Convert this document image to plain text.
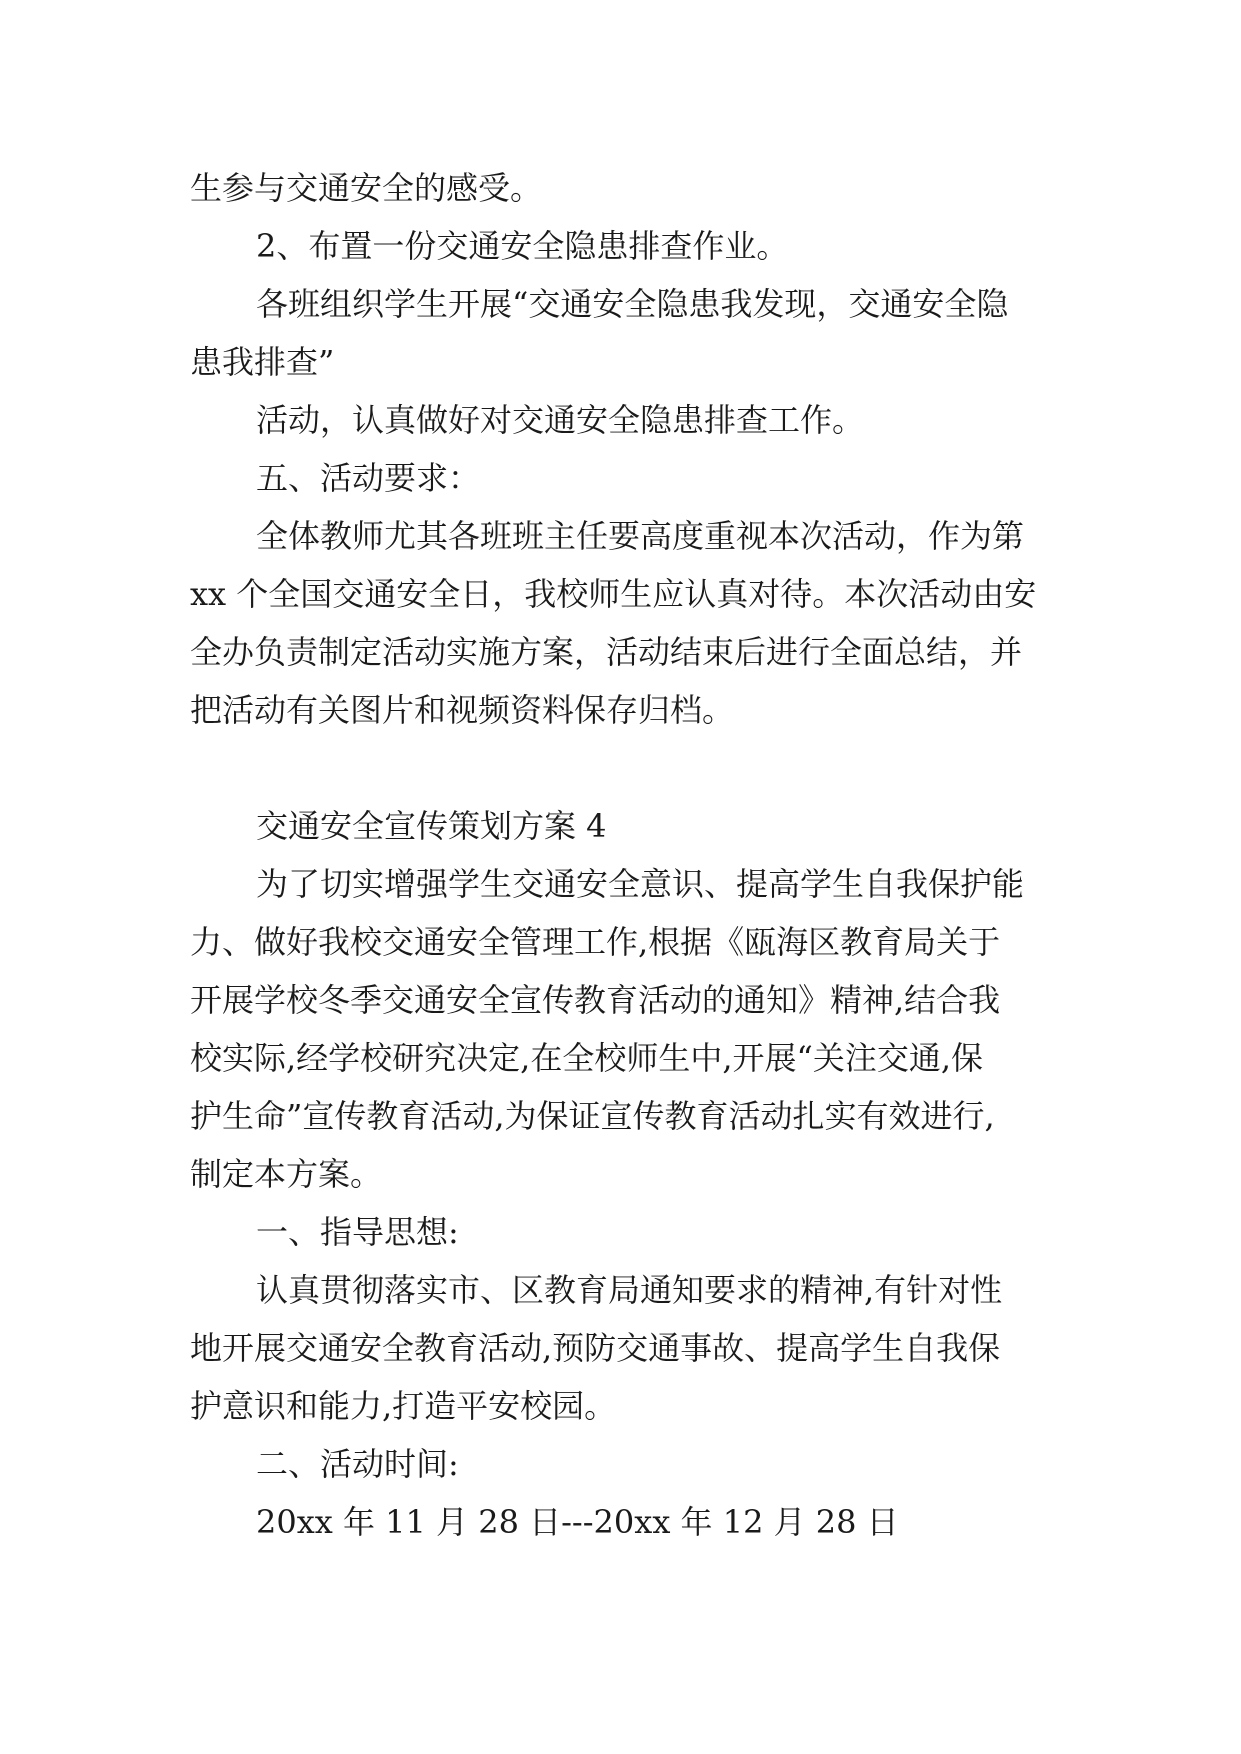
生参与交通安全的感受。

2、布置一份交通安全隐患排查作业。

各班组织学生开展“交通安全隐患我发现，交通安全隐

患我排查”

活动，认真做好对交通安全隐患排查工作。

五、活动要求：

全体教师尤其各班班主任要高度重视本次活动，作为第

xx 个全国交通安全日，我校师生应认真对待。本次活动由安

全办负责制定活动实施方案，活动结束后进行全面总结，并

把活动有关图片和视频资料保存归档。

交通安全宣传策划方案 4

为了切实增强学生交通安全意识、提高学生自我保护能

力、做好我校交通安全管理工作,根据《瓯海区教育局关于

开展学校冬季交通安全宣传教育活动的通知》精神,结合我

校实际,经学校研究决定,在全校师生中,开展“关注交通,保

护生命”宣传教育活动,为保证宣传教育活动扎实有效进行,

制定本方案。

一、指导思想:

认真贯彻落实市、区教育局通知要求的精神,有针对性

地开展交通安全教育活动,预防交通事故、提高学生自我保

护意识和能力,打造平安校园。

二、活动时间:

20xx 年 11 月 28 日---20xx 年 12 月 28 日
